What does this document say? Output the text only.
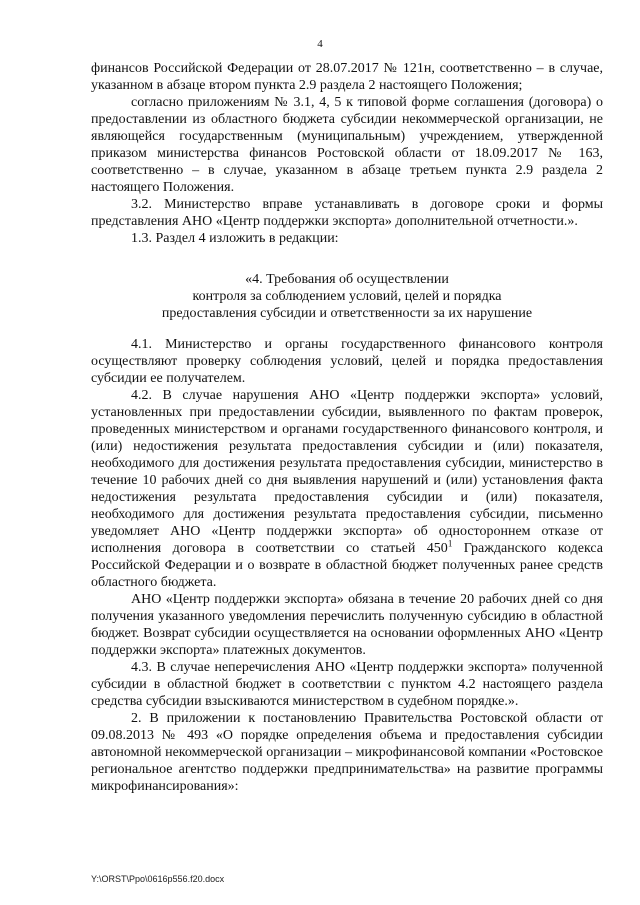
4

финансов Российской Федерации от 28.07.2017 № 121н, соответственно – в случае, указанном в абзаце втором пункта 2.9 раздела 2 настоящего Положения;

согласно приложениям № 3.1, 4, 5 к типовой форме соглашения (договора) о предоставлении из областного бюджета субсидии некоммерческой организации, не являющейся государственным (муниципальным) учреждением, утвержденной приказом министерства финансов Ростовской области от 18.09.2017 № 163, соответственно – в случае, указанном в абзаце третьем пункта 2.9 раздела 2 настоящего Положения.

3.2. Министерство вправе устанавливать в договоре сроки и формы представления АНО «Центр поддержки экспорта» дополнительной отчетности.».

1.3. Раздел 4 изложить в редакции:

«4. Требования об осуществлении
контроля за соблюдением условий, целей и порядка
предоставления субсидии и ответственности за их нарушение

4.1. Министерство и органы государственного финансового контроля осуществляют проверку соблюдения условий, целей и порядка предоставления субсидии ее получателем.

4.2. В случае нарушения АНО «Центр поддержки экспорта» условий, установленных при предоставлении субсидии, выявленного по фактам проверок, проведенных министерством и органами государственного финансового контроля, и (или) недостижения результата предоставления субсидии и (или) показателя, необходимого для достижения результата предоставления субсидии, министерство в течение 10 рабочих дней со дня выявления нарушений и (или) установления факта недостижения результата предоставления субсидии и (или) показателя, необходимого для достижения результата предоставления субсидии, письменно уведомляет АНО «Центр поддержки экспорта» об одностороннем отказе от исполнения договора в соответствии со статьей $450^1$ Гражданского кодекса Российской Федерации и о возврате в областной бюджет полученных ранее средств областного бюджета.

АНО «Центр поддержки экспорта» обязана в течение 20 рабочих дней со дня получения указанного уведомления перечислить полученную субсидию в областной бюджет. Возврат субсидии осуществляется на основании оформленных АНО «Центр поддержки экспорта» платежных документов.

4.3. В случае неперечисления АНО «Центр поддержки экспорта» полученной субсидии в областной бюджет в соответствии с пунктом 4.2 настоящего раздела средства субсидии взыскиваются министерством в судебном порядке.».

2. В приложении к постановлению Правительства Ростовской области от 09.08.2013 № 493 «О порядке определения объема и предоставления субсидии автономной некоммерческой организации – микрофинансовой компании «Ростовское региональное агентство поддержки предпринимательства» на развитие программы микрофинансирования»:

Y:\ORST\Ppo\0616p556.f20.docx
